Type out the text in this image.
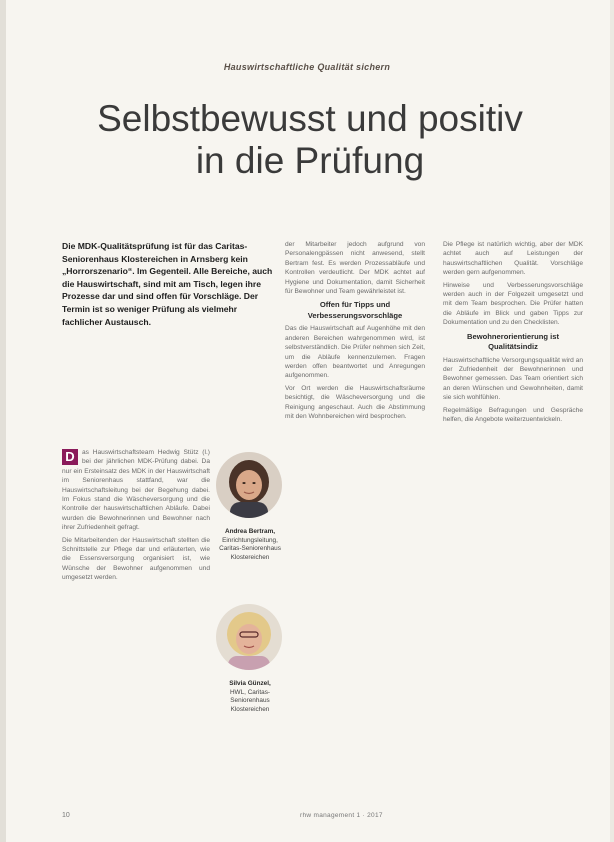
Hauswirtschaftliche Qualität sichern
Selbstbewusst und positiv
in die Prüfung
Die MDK-Qualitätsprüfung ist für das Caritas-Seniorenhaus Klostereichen in Arnsberg kein „Horrorszenario“. Im Gegenteil. Alle Bereiche, auch die Hauswirtschaft, sind mit am Tisch, legen ihre Prozesse dar und sind offen für Vorschläge. Der Termin ist so weniger Prüfung als vielmehr fachlicher Austausch.

D	as Hauswirtschaftsteam Hedwig Stütz (l.) bei der jährlichen MDK-Prüfung dabei. Da nur ein Ersteinsatz des MDK in der Hauswirtschaft im Seniorenhaus stattfand, war die Hauswirtschaftsleitung bei der Begehung dabei. Im Fokus stand die Wäscheversorgung und die Kontrolle der hauswirtschaftlichen Abläufe. Dabei wurden die Bewohnerinnen und Bewohner nach ihrer Zufriedenheit gefragt.

Die Mitarbeitenden der Hauswirtschaft stellten die Schnittstelle zur Pflege dar und erläuterten, wie die Essensversorgung organisiert ist, wie Wünsche der Bewohner aufgenommen und umgesetzt werden.

Andrea Bertram,
Einrichtungsleitung, Caritas-Seniorenhaus Klostereichen
Silvia Günzel,
HWL, Caritas-Seniorenhaus Klostereichen

der Mitarbeiter jedoch aufgrund von Personalengpässen nicht anwesend, stellt Bertram fest. Es werden Prozessabläufe und Kontrollen verdeutlicht. Der MDK achtet auf Hygiene und Dokumentation, damit Sicherheit für Bewohner und Team gewährleistet ist.

Offen für Tipps und Verbesserungsvorschläge

Das die Hauswirtschaft auf Augenhöhe mit den anderen Bereichen wahrgenommen wird, ist selbstverständlich. Die Prüfer nehmen sich Zeit, um die Abläufe kennenzulernen. Fragen werden offen beantwortet und Anregungen aufgenommen.

Vor Ort werden die Hauswirtschaftsräume besichtigt, die Wäscheversorgung und die Reinigung angeschaut. Auch die Abstimmung mit den Wohnbereichen wird besprochen.

Die Pflege ist natürlich wichtig, aber der MDK achtet auch auf Leistungen der hauswirtschaftlichen Qualität. Vorschläge werden gern aufgenommen.

Hinweise und Verbesserungsvorschläge werden auch in der Folgezeit umgesetzt und mit dem Team besprochen. Die Prüfer hatten die Abläufe im Blick und gaben Tipps zur Dokumentation und zu den Checklisten.

Bewohnerorientierung ist Qualitätsindiz

Hauswirtschaftliche Versorgungsqualität wird an der Zufriedenheit der Bewohnerinnen und Bewohner gemessen. Das Team orientiert sich an deren Wünschen und Gewohnheiten, damit sie sich wohlfühlen.

Regelmäßige Befragungen und Gespräche helfen, die Angebote weiterzuentwickeln.

10	rhw management 1 · 2017
